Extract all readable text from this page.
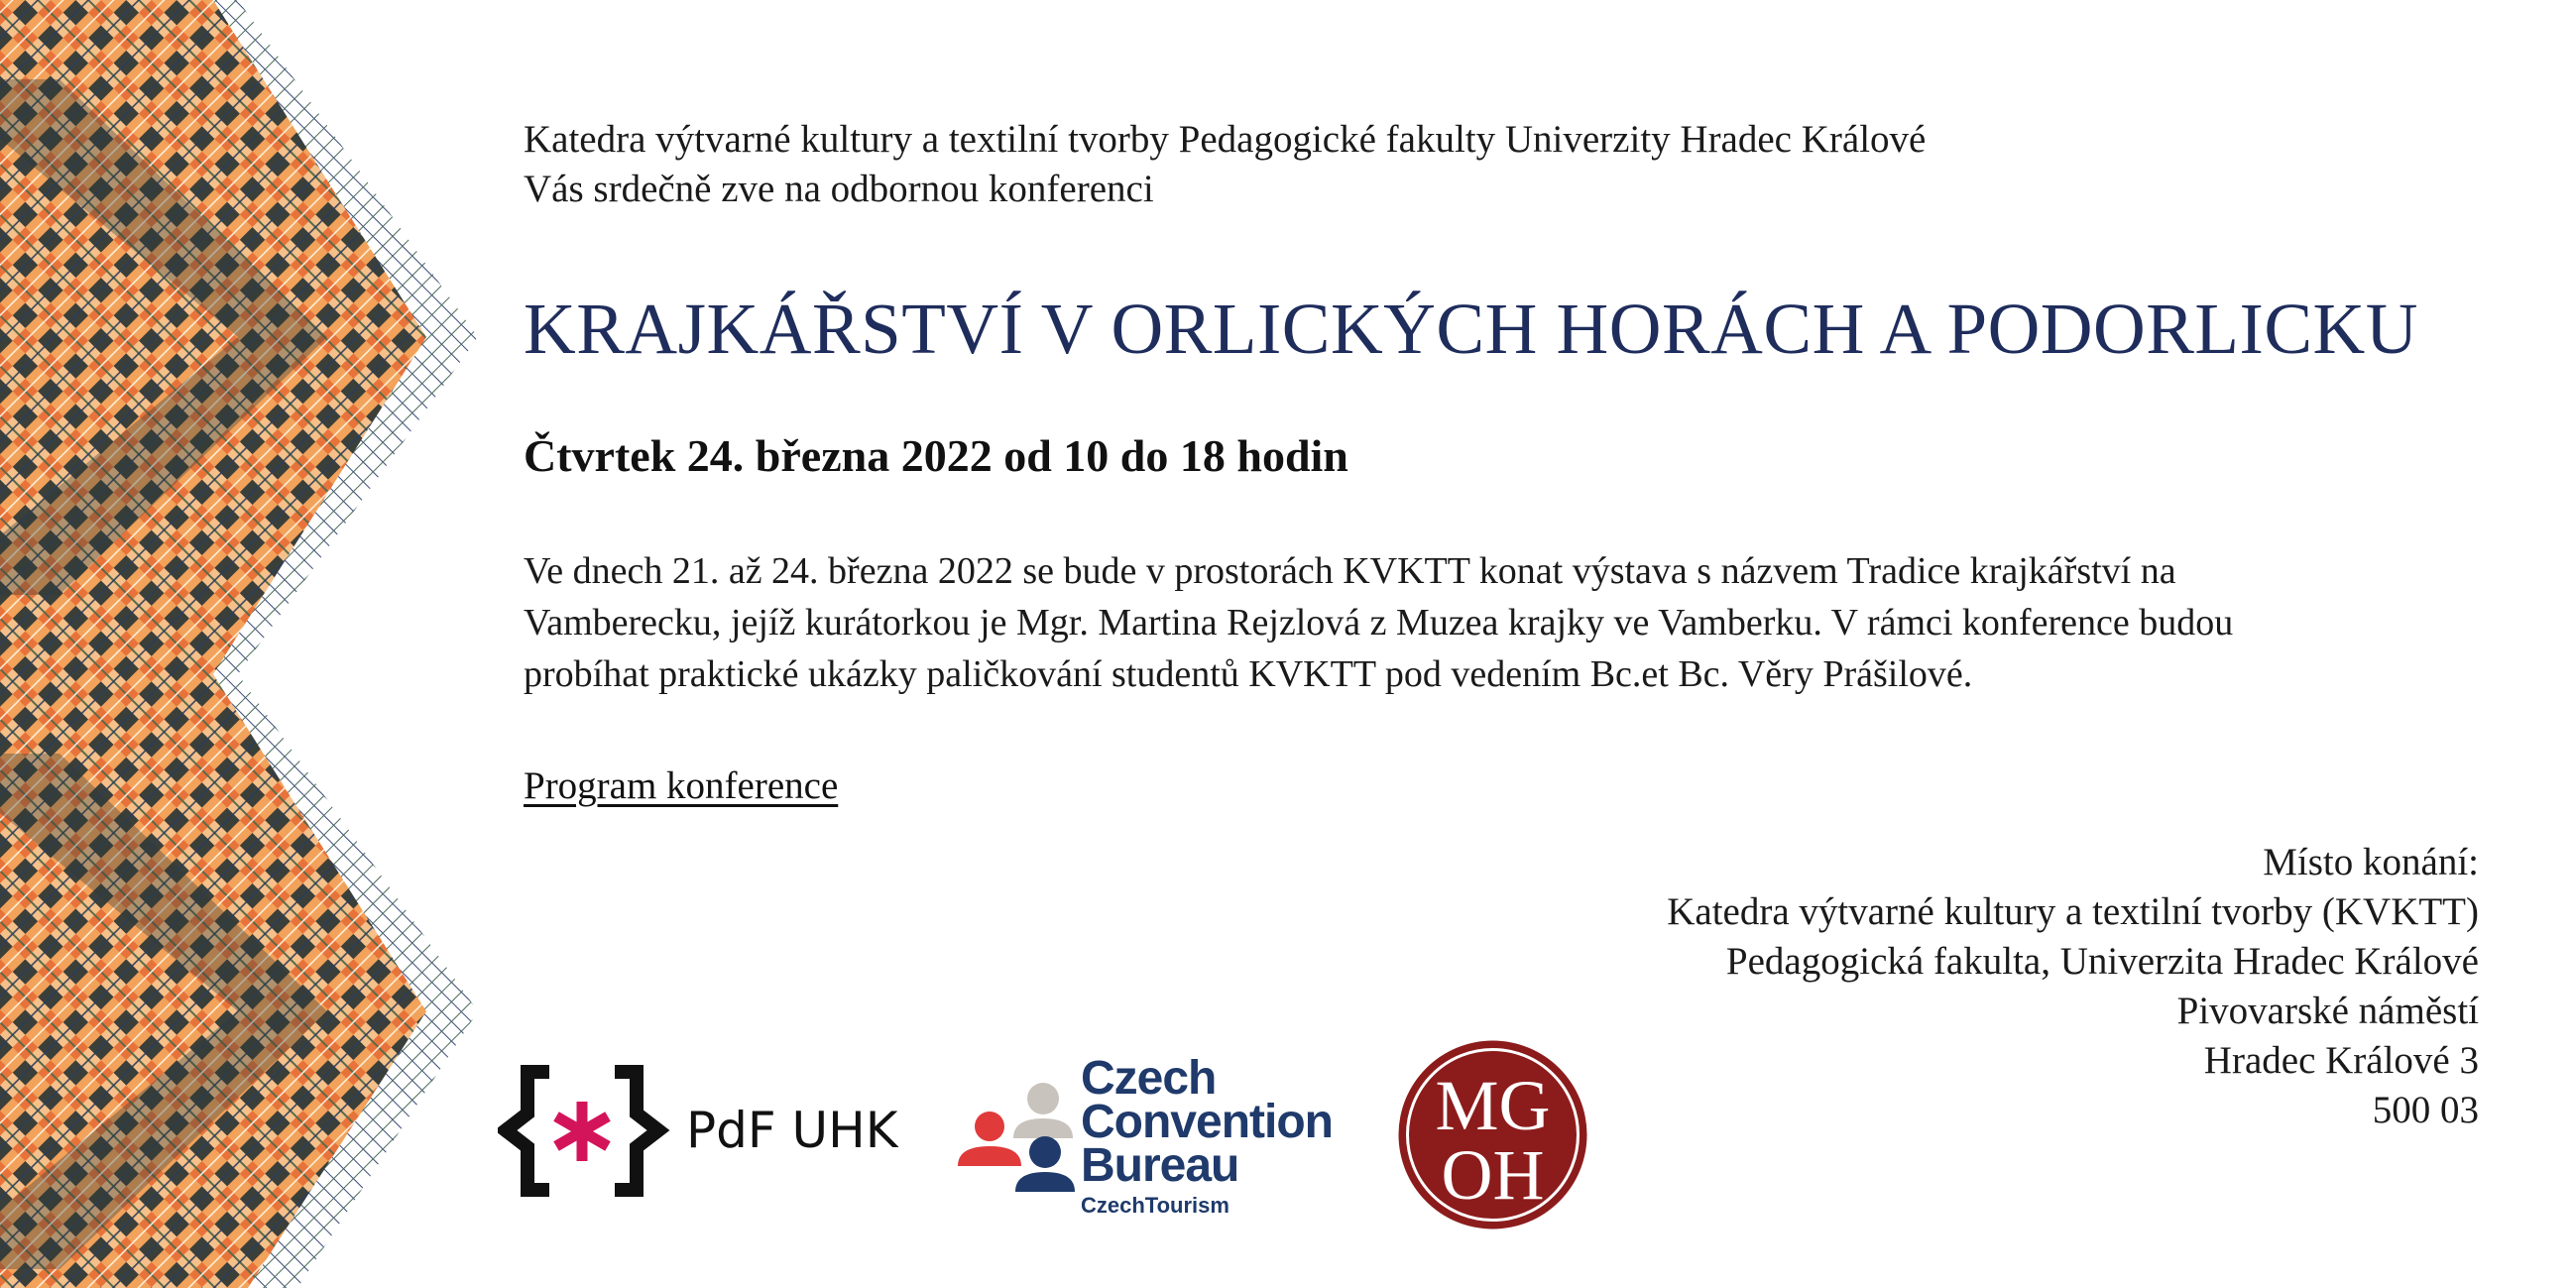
Katedra výtvarné kultury a textilní tvorby Pedagogické fakulty Univerzity Hradec Králové
Vás srdečně zve na odbornou konferenci
KRAJKÁŘSTVÍ V ORLICKÝCH HORÁCH A PODORLICKU
Čtvrtek 24. března 2022 od 10 do 18 hodin
Ve dnech 21. až 24. března 2022 se bude v prostorách KVKTT konat výstava s názvem Tradice krajkářství na
Vamberecku, jejíž kurátorkou je Mgr. Martina Rejzlová z Muzea krajky ve Vamberku. V rámci konference budou
probíhat praktické ukázky paličkování studentů KVKTT pod vedením Bc.et Bc. Věry Prášilové.
Program konference
Místo konání:
Katedra výtvarné kultury a textilní tvorby (KVKTT)
Pedagogická fakulta, Univerzita Hradec Králové
Pivovarské náměstí
Hradec Králové 3
500 03
PdF UHK
Czech
Convention
Bureau
CzechTourism
MG
OH
